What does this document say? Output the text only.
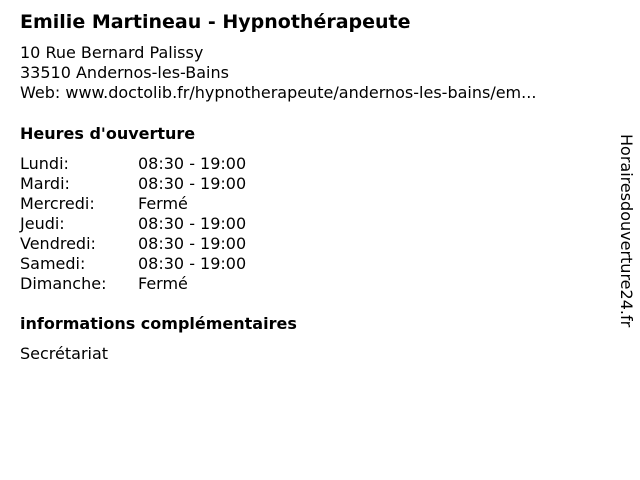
Emilie Martineau - Hypnothérapeute
10 Rue Bernard Palissy
33510 Andernos-les-Bains
Web: www.doctolib.fr/hypnotherapeute/andernos-les-bains/em...
Heures d'ouverture
Lundi:	08:30 - 19:00
Mardi:	08:30 - 19:00
Mercredi:	Fermé
Jeudi:	08:30 - 19:00
Vendredi:	08:30 - 19:00
Samedi:	08:30 - 19:00
Dimanche: Fermé
informations complémentaires
Secrétariat
Horairesdouverture24.fr
